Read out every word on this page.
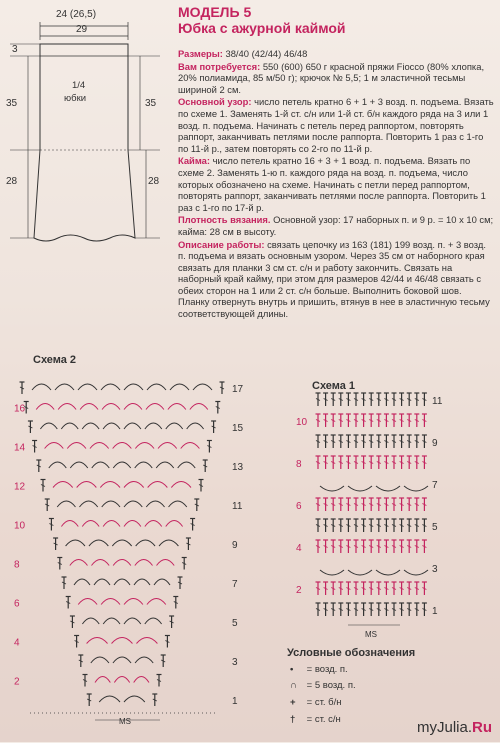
24 (26,5)
29
3
35	35
28	28
1/4
юбки
МОДЕЛЬ 5
Юбка с ажурной каймой

Размеры: 38/40 (42/44) 46/48

Вам потребуется: 550 (600) 650 г красной пряжи Fiocco (80% хлопка, 20% полиамида, 85 м/50 г); крючок № 5,5; 1 м эластичной тесьмы шириной 2 см.

Основной узор: число петель кратно 6 + 1 + 3 возд. п. подъема. Вязать по схеме 1. Заменять 1-й ст. с/н или 1-й ст. б/н каждого ряда на 3 или 1 возд. п. подъема. Начинать с петель перед раппортом, повторять раппорт, заканчивать петлями после раппорта. Повторить 1 раз с 1-го по 11-й р., затем повторять со 2-го по 11-й р.

Кайма: число петель кратно 16 + 3 + 1 возд. п. подъема. Вязать по схеме 2. Заменять 1-ю п. каждого ряда на возд. п. подъема, число которых обозначено на схеме. Начинать с петли перед раппортом, повторять раппорт, заканчивать петлями после раппорта. Повторить 1 раз с 1-го по 17-й р.

Плотность вязания. Основной узор: 17 наборных п. и 9 р. = 10 х 10 см; кайма: 28 см в высоту.

Описание работы: связать цепочку из 163 (181) 199 возд. п. + 3 возд. п. подъема и вязать основным узором. Через 35 см от наборного края связать для планки 3 см ст. с/н и работу закончить. Связать на наборный край кайму, при этом для размеров 42/44 и 46/48 связать с обеих сторон на 1 или 2 ст. с/н больше. Выполнить боковой шов. Планку отвернуть внутрь и пришить, втянув в нее в эластичную тесьму соответствующей длины.

Схема 2
17
16
15
14
13
12
11
10
9
8
7
6
5
4
3
2
1
MS
Схема 1
11
10
9
8
7
6
5
4
3
2
1
MS
Условные обозначения
• = возд. п.
∩ = 5 возд. п.
+ = ст. б/н
† = ст. с/н	myJulia.Ru
